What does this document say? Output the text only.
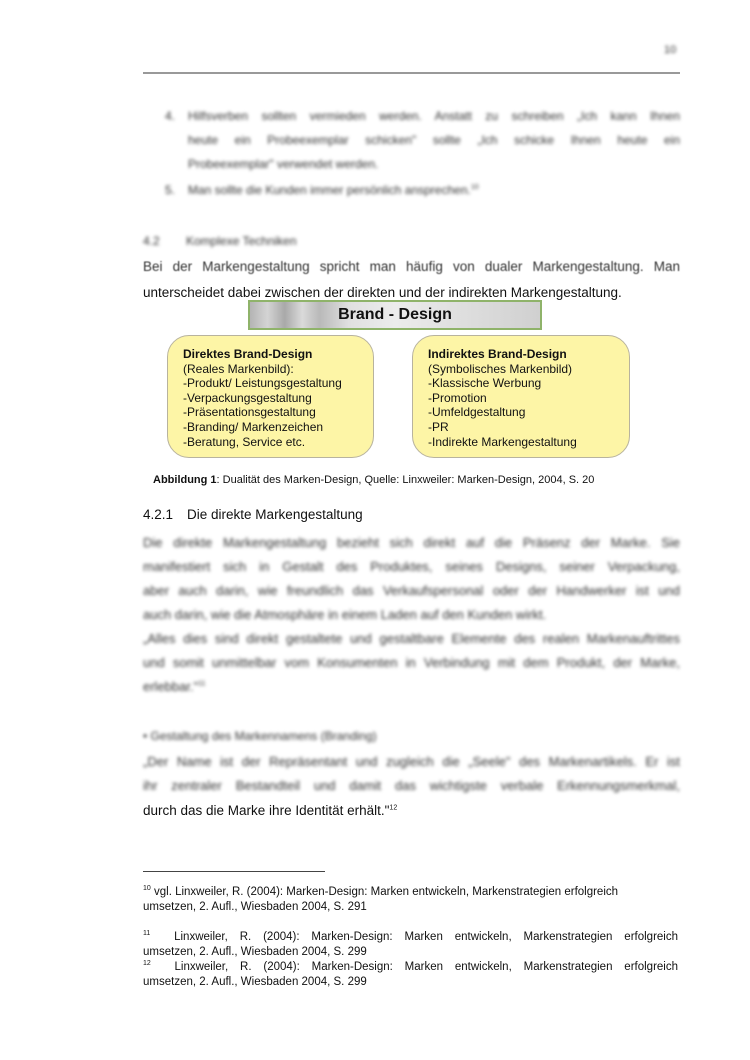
10
4. Hilfsverben sollten vermieden werden. Anstatt zu schreiben „Ich kann Ihnen
heute ein Probeexemplar schicken" sollte „Ich schicke Ihnen heute ein
Probeexemplar" verwendet werden.
5. Man sollte die Kunden immer persönlich ansprechen.$^{10}$
4.2 Komplexe Techniken
Bei der Markengestaltung spricht man häufig von dualer Markengestaltung. Man
unterscheidet dabei zwischen der direkten und der indirekten Markengestaltung.
Brand - Design
Direktes Brand-Design
(Reales Markenbild):
-Produkt/ Leistungsgestaltung
-Verpackungsgestaltung
-Präsentationsgestaltung
-Branding/ Markenzeichen
-Beratung, Service etc.
Indirektes Brand-Design
(Symbolisches Markenbild)
-Klassische Werbung
-Promotion
-Umfeldgestaltung
-PR
-Indirekte Markengestaltung
Abbildung 1: Dualität des Marken-Design, Quelle: Linxweiler: Marken-Design, 2004, S. 20
4.2.1 Die direkte Markengestaltung
Die direkte Markengestaltung bezieht sich direkt auf die Präsenz der Marke. Sie
manifestiert sich in Gestalt des Produktes, seines Designs, seiner Verpackung,
aber auch darin, wie freundlich das Verkaufspersonal oder der Handwerker ist und
auch darin, wie die Atmosphäre in einem Laden auf den Kunden wirkt.
„Alles dies sind direkt gestaltete und gestaltbare Elemente des realen Markenauftrittes
und somit unmittelbar vom Konsumenten in Verbindung mit dem Produkt, der Marke,
erlebbar."$^{11}$
• Gestaltung des Markennamens (Branding)
„Der Name ist der Repräsentant und zugleich die „Seele" des Markenartikels. Er ist
ihr zentraler Bestandteil und damit das wichtigste verbale Erkennungsmerkmal,
durch das die Marke ihre Identität erhält."$^{12}$
$^{10}$ vgl. Linxweiler, R. (2004): Marken-Design: Marken entwickeln, Markenstrategien erfolgreich
umsetzen, 2. Aufl., Wiesbaden 2004, S. 291
$^{11}$ Linxweiler, R. (2004): Marken-Design: Marken entwickeln, Markenstrategien erfolgreich
umsetzen, 2. Aufl., Wiesbaden 2004, S. 299
$^{12}$ Linxweiler, R. (2004): Marken-Design: Marken entwickeln, Markenstrategien erfolgreich
umsetzen, 2. Aufl., Wiesbaden 2004, S. 299
